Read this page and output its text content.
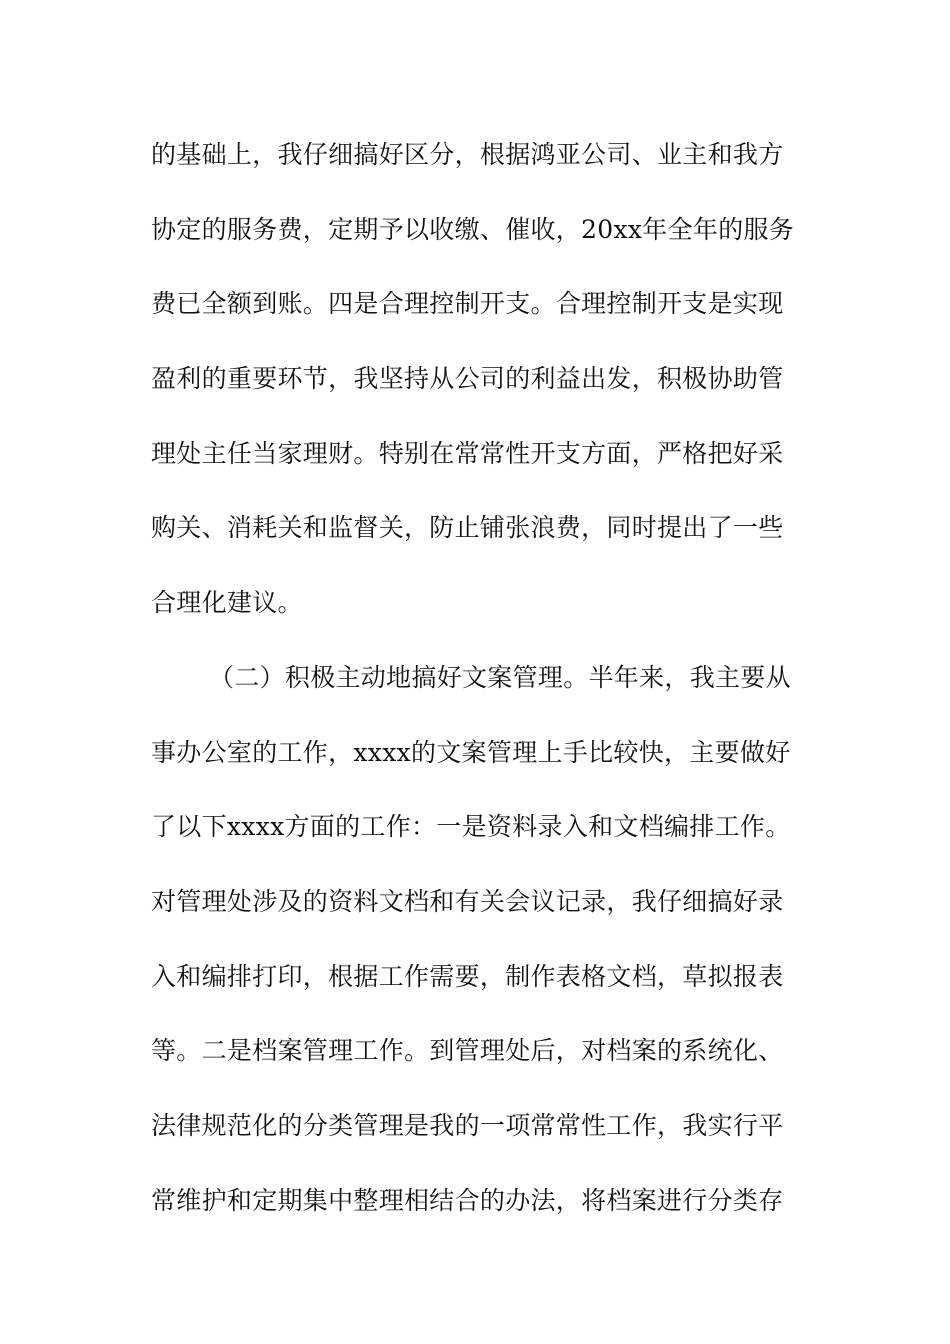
的基础上，我仔细搞好区分，根据鸿亚公司、业主和我方
协定的服务费，定期予以收缴、催收，20xx年全年的服务
费已全额到账。四是合理控制开支。合理控制开支是实现
盈利的重要环节，我坚持从公司的利益出发，积极协助管
理处主任当家理财。特别在常常性开支方面，严格把好采
购关、消耗关和监督关，防止铺张浪费，同时提出了一些
合理化建议。
（二）积极主动地搞好文案管理。半年来，我主要从
事办公室的工作，xxxx的文案管理上手比较快，主要做好
了以下xxxx方面的工作：一是资料录入和文档编排工作。
对管理处涉及的资料文档和有关会议记录，我仔细搞好录
入和编排打印，根据工作需要，制作表格文档，草拟报表
等。二是档案管理工作。到管理处后，对档案的系统化、
法律规范化的分类管理是我的一项常常性工作，我实行平
常维护和定期集中整理相结合的办法，将档案进行分类存
